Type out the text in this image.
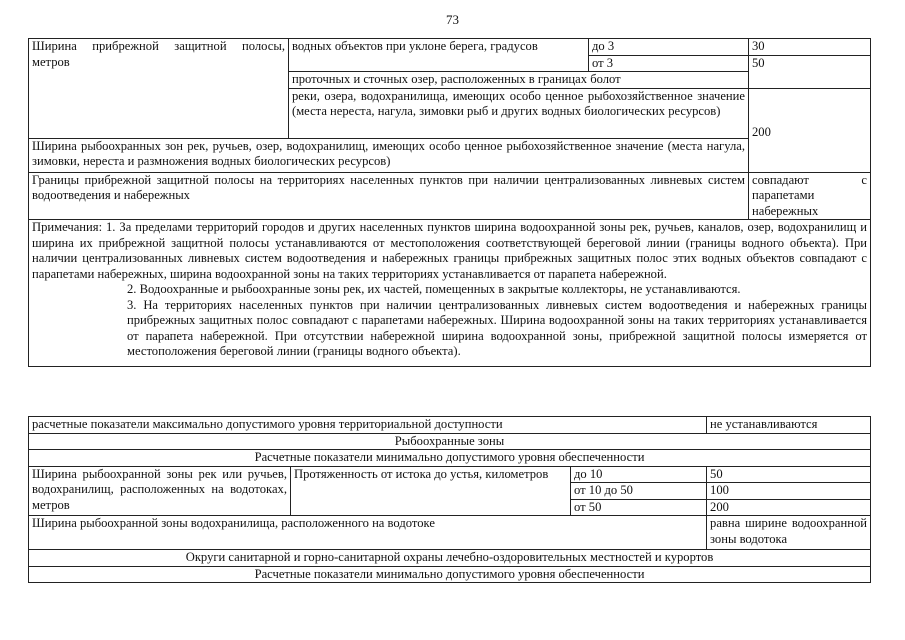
73
Ширина прибрежной защитной полосы, метров	водных объектов при уклоне берега, градусов	до 3	30
		от 3	50
	проточных и сточных озер, расположенных в границах болот		
	реки, озера, водохранилища, имеющих особо ценное рыбохозяйственное значение (места нереста, нагула, зимовки рыб и других водных биологических ресурсов)		200
Ширина рыбоохранных зон рек, ручьев, озер, водохранилищ, имеющих особо ценное рыбохозяйственное значение (места нагула, зимовки, нереста и размножения водных биологических ресурсов)			
Границы прибрежной защитной полосы на территориях населенных пунктов при наличии централизованных ливневых систем водоотведения и набережных			совпадают с парапетами набережных

Примечания: 1. За пределами территорий городов и других населенных пунктов ширина водоохранной зоны рек, ручьев, каналов, озер, водохранилищ и ширина их прибрежной защитной полосы устанавливаются от местоположения соответствующей береговой линии (границы водного объекта). При наличии централизованных ливневых систем водоотведения и набережных границы прибрежных защитных полос этих водных объектов совпадают с парапетами набережных, ширина водоохранной зоны на таких территориях устанавливается от парапета набережной.

2. Водоохранные и рыбоохранные зоны рек, их частей, помещенных в закрытые коллекторы, не устанавливаются.

3. На территориях населенных пунктов при наличии централизованных ливневых систем водоотведения и набережных границы прибрежных защитных полос совпадают с парапетами набережных. Ширина водоохранной зоны на таких территориях устанавливается от парапета набережной. При отсутствии набережной ширина водоохранной зоны, прибрежной защитной полосы измеряется от местоположения береговой линии (границы водного объекта).			

расчетные показатели максимально допустимого уровня территориальной доступности			не устанавливаются
Рыбоохранные зоны			
Расчетные показатели минимально допустимого уровня обеспеченности			
Ширина рыбоохранной зоны рек или ручьев, водохранилищ, расположенных на водотоках, метров	Протяженность от истока до устья, километров	до 10	50
		от 10 до 50	100
		от 50	200
Ширина рыбоохранной зоны водохранилища, расположенного на водотоке			равна ширине водоохранной зоны водотока
Округи санитарной и горно-санитарной охраны лечебно-оздоровительных местностей и курортов			
Расчетные показатели минимально допустимого уровня обеспеченности			
